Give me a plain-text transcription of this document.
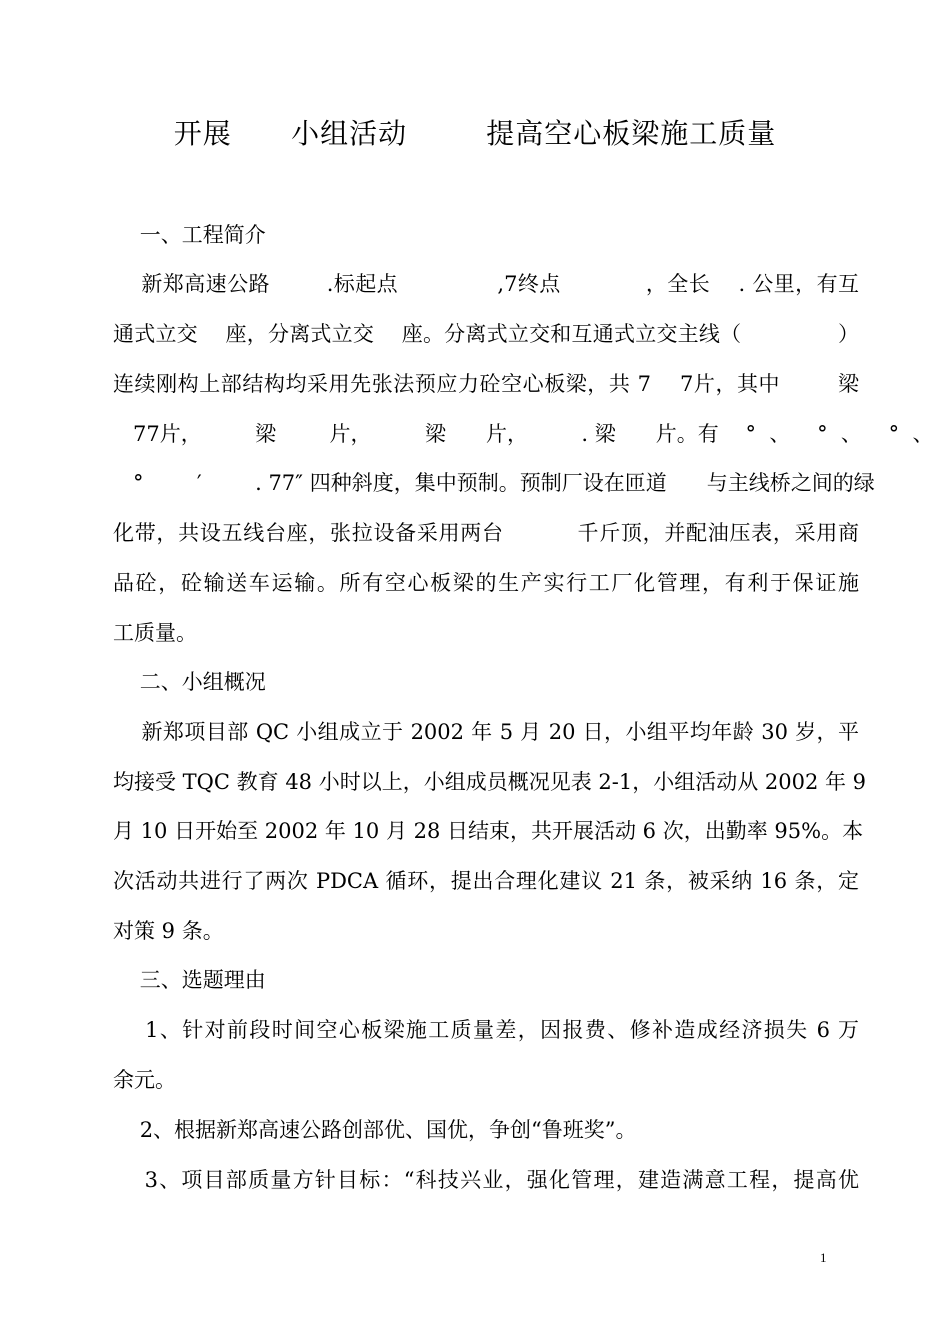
开展      小组活动        提高空心板梁施工质量
一、工程简介
新郑高速公路        .标起点              ,7终点            ，全长    . 公里，有互
通式立交    座，分离式立交    座。分离式立交和互通式立交主线（              ）
连续刚构上部结构均采用先张法预应力砼空心板梁，共 7    7片，其中        梁
77片，        梁        片，        梁      片，        . 梁      片。有    °  、    °  、    °  、
°        ′        . 77″ 四种斜度，集中预制。预制厂设在匝道      与主线桥之间的绿
化带，共设五线台座，张拉设备采用两台          千斤顶，并配油压表，采用商
品砼，砼输送车运输。所有空心板梁的生产实行工厂化管理，有利于保证施
工质量。
二、小组概况
新郑项目部 QC 小组成立于 2002 年 5 月 20 日，小组平均年龄 30 岁，平
均接受 TQC 教育 48 小时以上，小组成员概况见表 2-1，小组活动从 2002 年 9
月 10 日开始至 2002 年 10 月 28 日结束，共开展活动 6 次，出勤率 95%。本
次活动共进行了两次 PDCA 循环，提出合理化建议 21 条，被采纳 16 条，定
对策 9 条。
三、选题理由
1、针对前段时间空心板梁施工质量差，因报费、修补造成经济损失 6 万
余元。
2、根据新郑高速公路创部优、国优，争创“鲁班奖”。
3、项目部质量方针目标：“科技兴业，强化管理，建造满意工程，提高优
1
